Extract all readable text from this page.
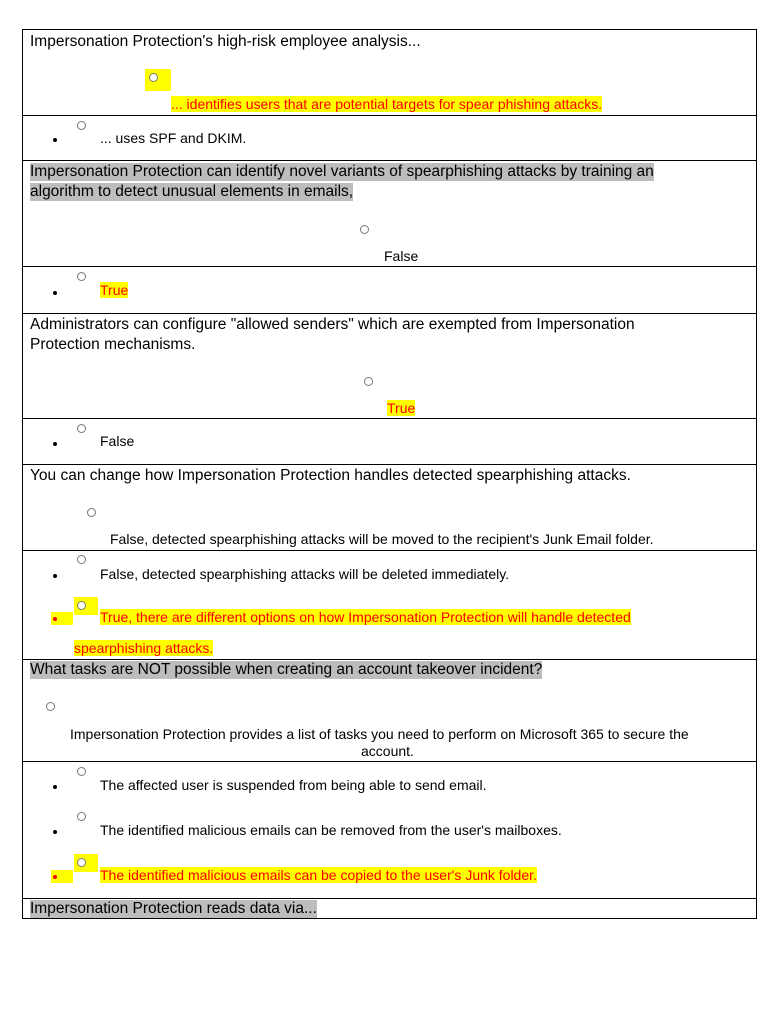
Impersonation Protection's high-risk employee analysis...
... identifies users that are potential targets for spear phishing attacks.
... uses SPF and DKIM.
Impersonation Protection can identify novel variants of spearphishing attacks by training an
algorithm to detect unusual elements in emails,
False
True
Administrators can configure "allowed senders" which are exempted from Impersonation
Protection mechanisms.
True
False
You can change how Impersonation Protection handles detected spearphishing attacks.
False, detected spearphishing attacks will be moved to the recipient's Junk Email folder.
False, detected spearphishing attacks will be deleted immediately.
True, there are different options on how Impersonation Protection will handle detected
spearphishing attacks.
What tasks are NOT possible when creating an account takeover incident?
Impersonation Protection provides a list of tasks you need to perform on Microsoft 365 to secure the
account.
The affected user is suspended from being able to send email.
The identified malicious emails can be removed from the user's mailboxes.
The identified malicious emails can be copied to the user's Junk folder.
Impersonation Protection reads data via...
